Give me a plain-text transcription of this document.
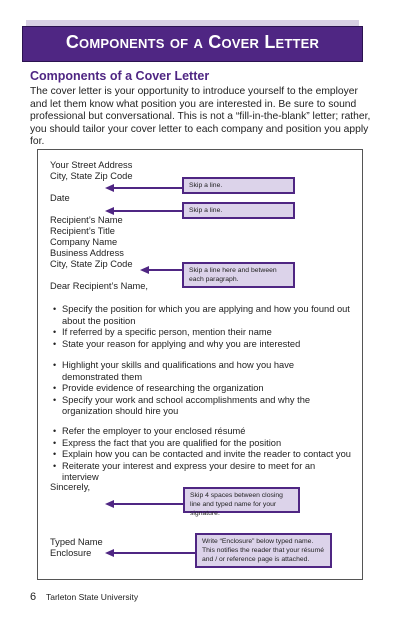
Components of a Cover Letter
Components of a Cover Letter
The cover letter is your opportunity to introduce yourself to the employer and let them know what position you are interested in. Be sure to sound professional but conversational. This is not a “fill-in-the-blank” letter; rather, you should tailor your cover letter to each company and position you apply for.
Your Street Address
City, State Zip Code
Date
Recipient’s Name
Recipient’s Title
Company Name
Business Address
City, State Zip Code
Dear Recipient’s Name,
• Specify the position for which you are applying and how you found out about the position
• If referred by a specific person, mention their name
• State your reason for applying and why you are interested
• Highlight your skills and qualifications and how you have demonstrated them
• Provide evidence of researching the organization
• Specify your work and school accomplishments and why the organization should hire you
• Refer the employer to your enclosed résumé
• Express the fact that you are qualified for the position
• Explain how you can be contacted and invite the reader to contact you
• Reiterate your interest and express your desire to meet for an interview
Sincerely,
Typed Name
Enclosure
Skip a line.
Skip a line.
Skip a line here and between each paragraph.
Skip 4 spaces between closing line and typed name for your signature.
Write “Enclosure” below typed name. This notifies the reader that your résumé and / or reference page is attached.
6 Tarleton State University
